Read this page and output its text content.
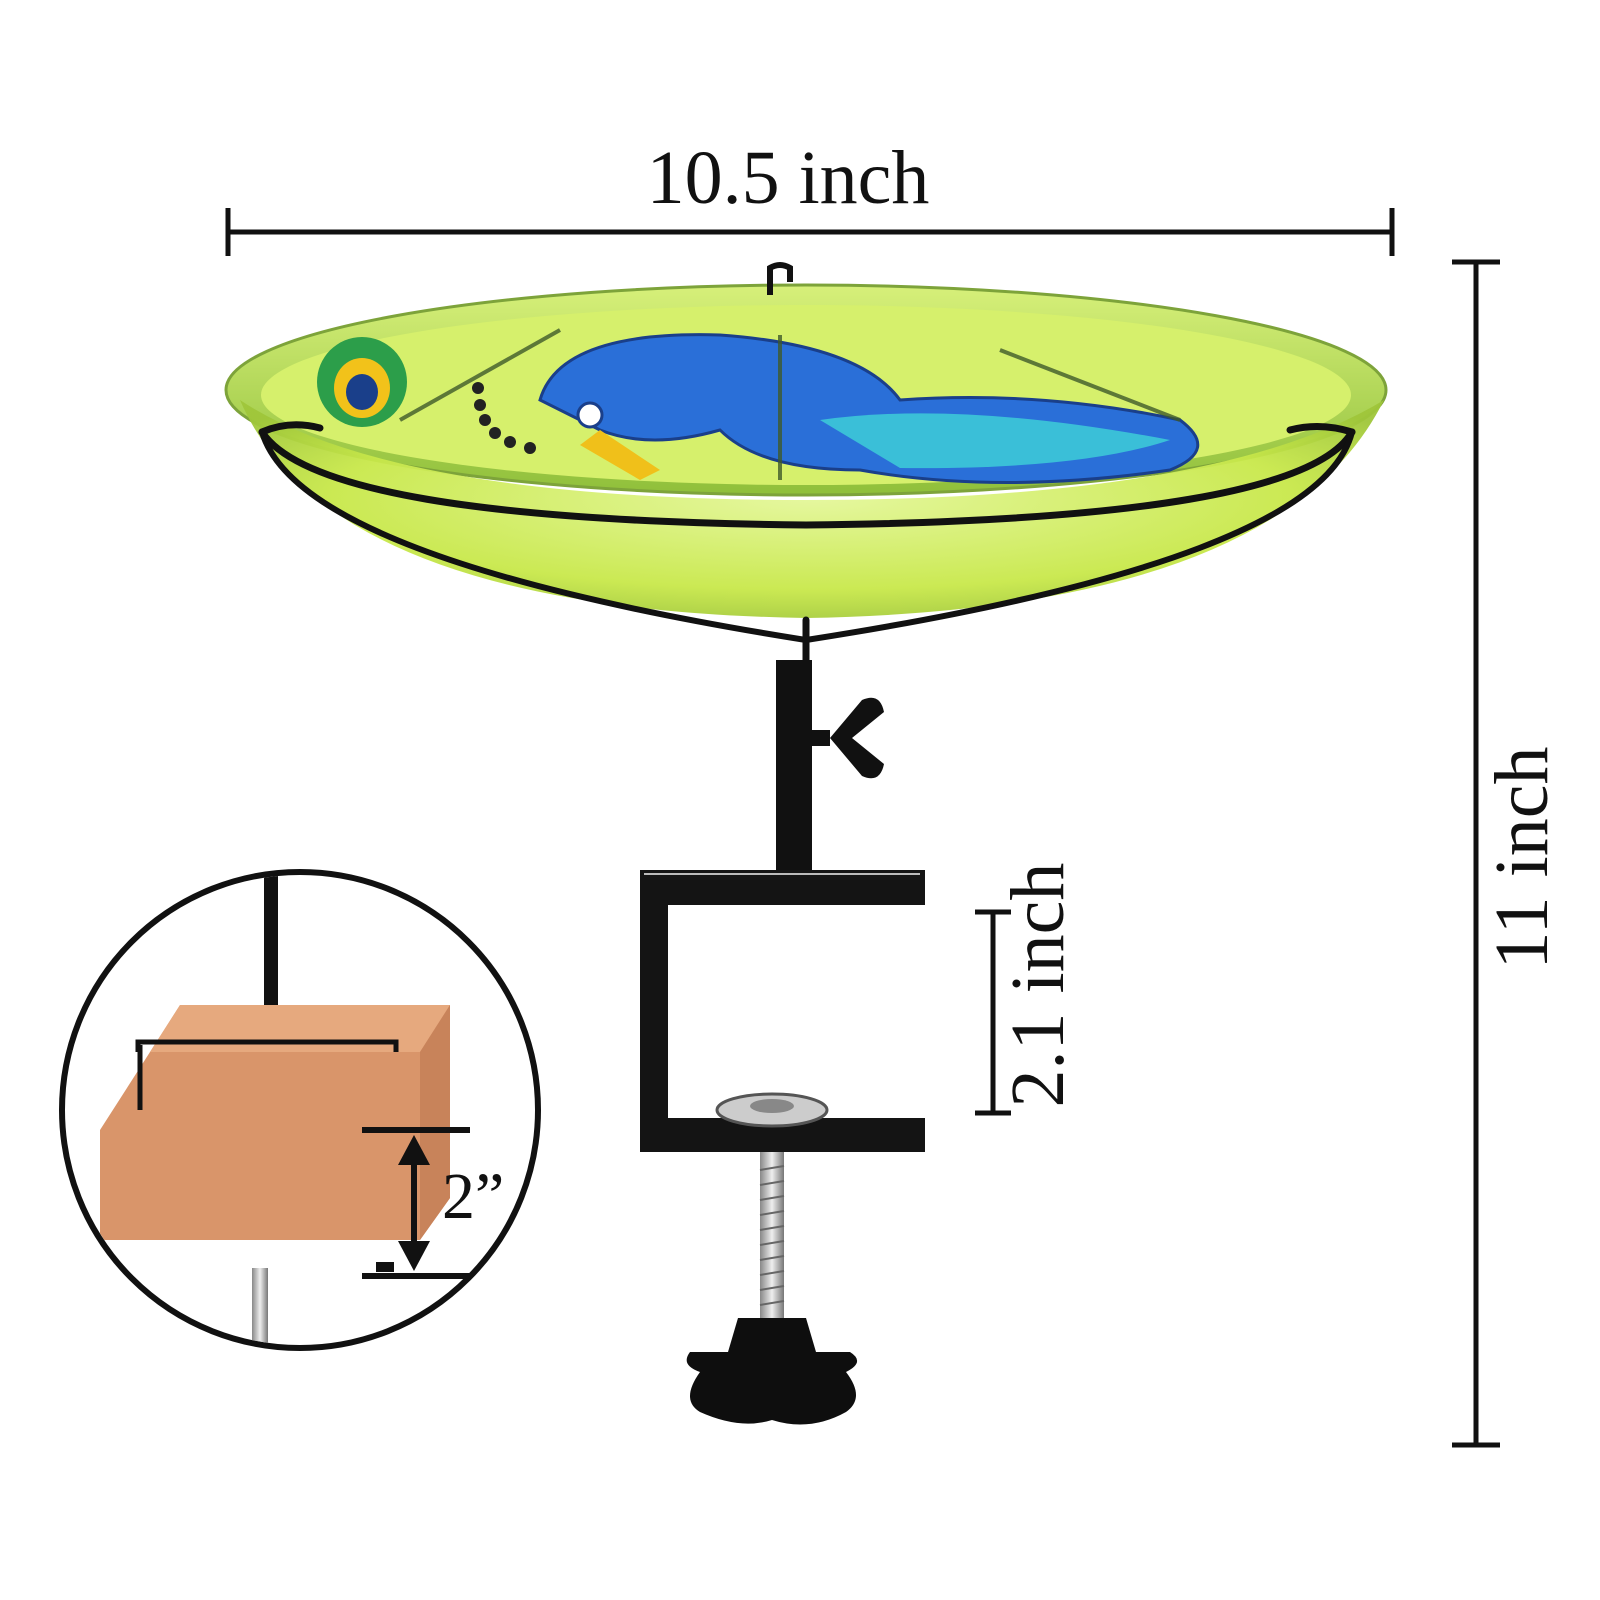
10.5 inch
11 inch
2.1 inch
2”
